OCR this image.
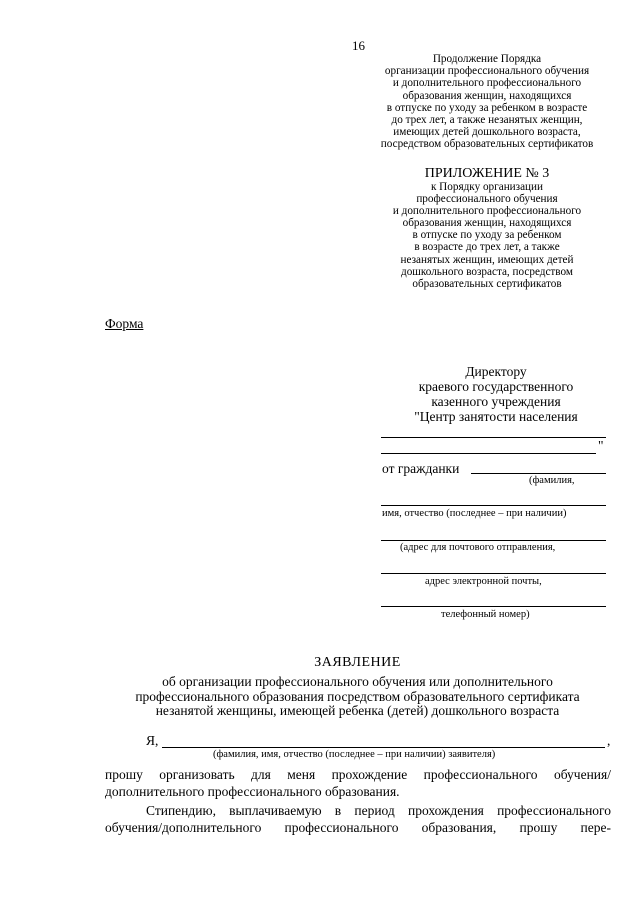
16
Продолжение Порядка
организации профессионального обучения
и дополнительного профессионального
образования женщин, находящихся
в отпуске по уходу за ребенком в возрасте
до трех лет, а также незанятых женщин,
имеющих детей дошкольного возраста,
посредством образовательных сертификатов
ПРИЛОЖЕНИЕ № 3
к Порядку организации
профессионального обучения
и дополнительного профессионального
образования женщин, находящихся
в отпуске по уходу за ребенком
в возрасте до трех лет, а также
незанятых женщин, имеющих детей
дошкольного возраста, посредством
образовательных сертификатов
Форма
Директору
краевого государственного
казенного учреждения
"Центр занятости населения
"
от гражданки
(фамилия,
имя, отчество (последнее – при наличии)
(адрес для почтового отправления,
адрес электронной почты,
телефонный номер)
ЗАЯВЛЕНИЕ
об организации профессионального обучения или дополнительного
профессионального образования посредством образовательного сертификата
незанятой женщины, имеющей ребенка (детей) дошкольного возраста
Я,	,
(фамилия, имя, отчество (последнее – при наличии) заявителя)
прошу организовать для меня прохождение профессионального обучения/
дополнительного профессионального образования.
Стипендию, выплачиваемую в период прохождения профессионального
обучения/дополнительного профессионального образования, прошу пере-
